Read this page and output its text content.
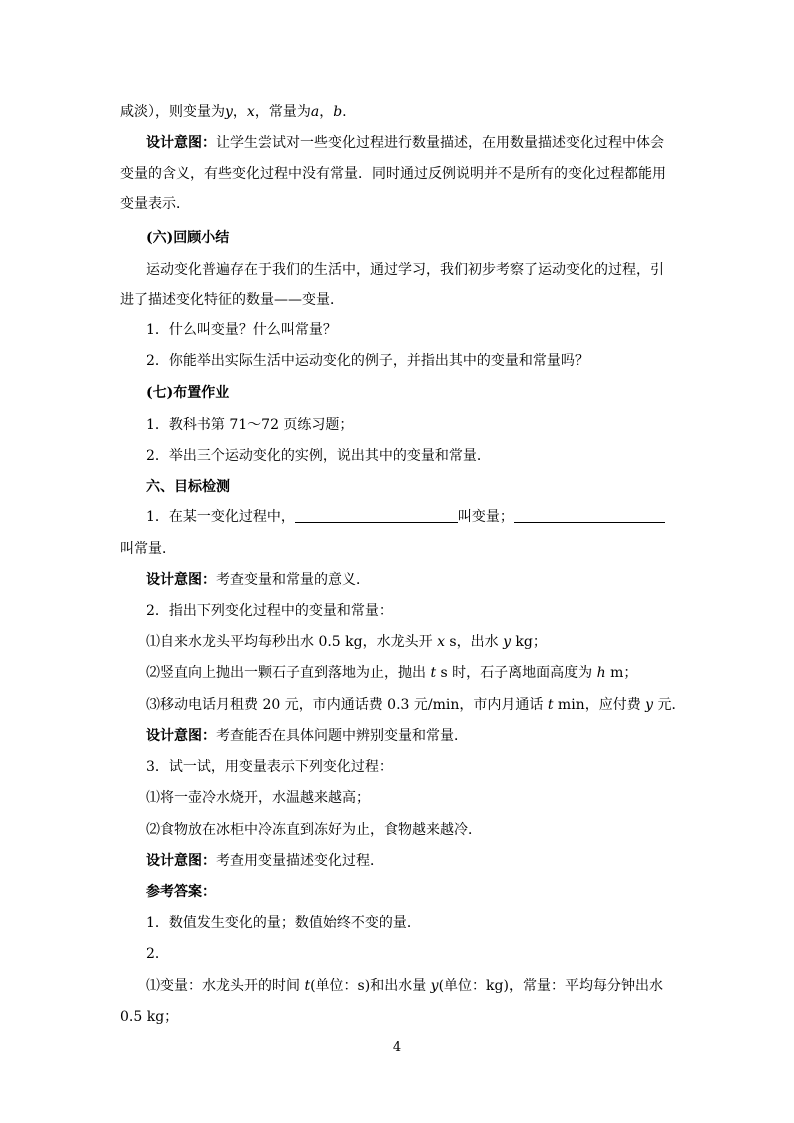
咸淡），则变量为y，x，常量为a，b.
设计意图：让学生尝试对一些变化过程进行数量描述，在用数量描述变化过程中体会
变量的含义，有些变化过程中没有常量．同时通过反例说明并不是所有的变化过程都能用
变量表示．
(六)回顾小结
运动变化普遍存在于我们的生活中，通过学习，我们初步考察了运动变化的过程，引
进了描述变化特征的数量——变量．
1．什么叫变量？什么叫常量？
2．你能举出实际生活中运动变化的例子，并指出其中的变量和常量吗？
(七)布置作业
1．教科书第 71～72 页练习题；
2．举出三个运动变化的实例，说出其中的变量和常量．
六、目标检测
1．在某一变化过程中，	叫变量；
叫常量．
设计意图：考查变量和常量的意义．
2．指出下列变化过程中的变量和常量：
⑴自来水龙头平均每秒出水 0.5 kg，水龙头开 x s，出水 y kg；
⑵竖直向上抛出一颗石子直到落地为止，抛出 t s 时，石子离地面高度为 h m；
⑶移动电话月租费 20 元，市内通话费 0.3 元/min，市内月通话 t min，应付费 y 元．
设计意图：考查能否在具体问题中辨别变量和常量．
3．试一试，用变量表示下列变化过程：
⑴将一壶冷水烧开，水温越来越高；
⑵食物放在冰柜中冷冻直到冻好为止，食物越来越冷．
设计意图：考查用变量描述变化过程．
参考答案：
1．数值发生变化的量；数值始终不变的量．
2．
⑴变量：水龙头开的时间 t(单位：s)和出水量 y(单位：kg)，常量：平均每分钟出水
0.5 kg；
4
